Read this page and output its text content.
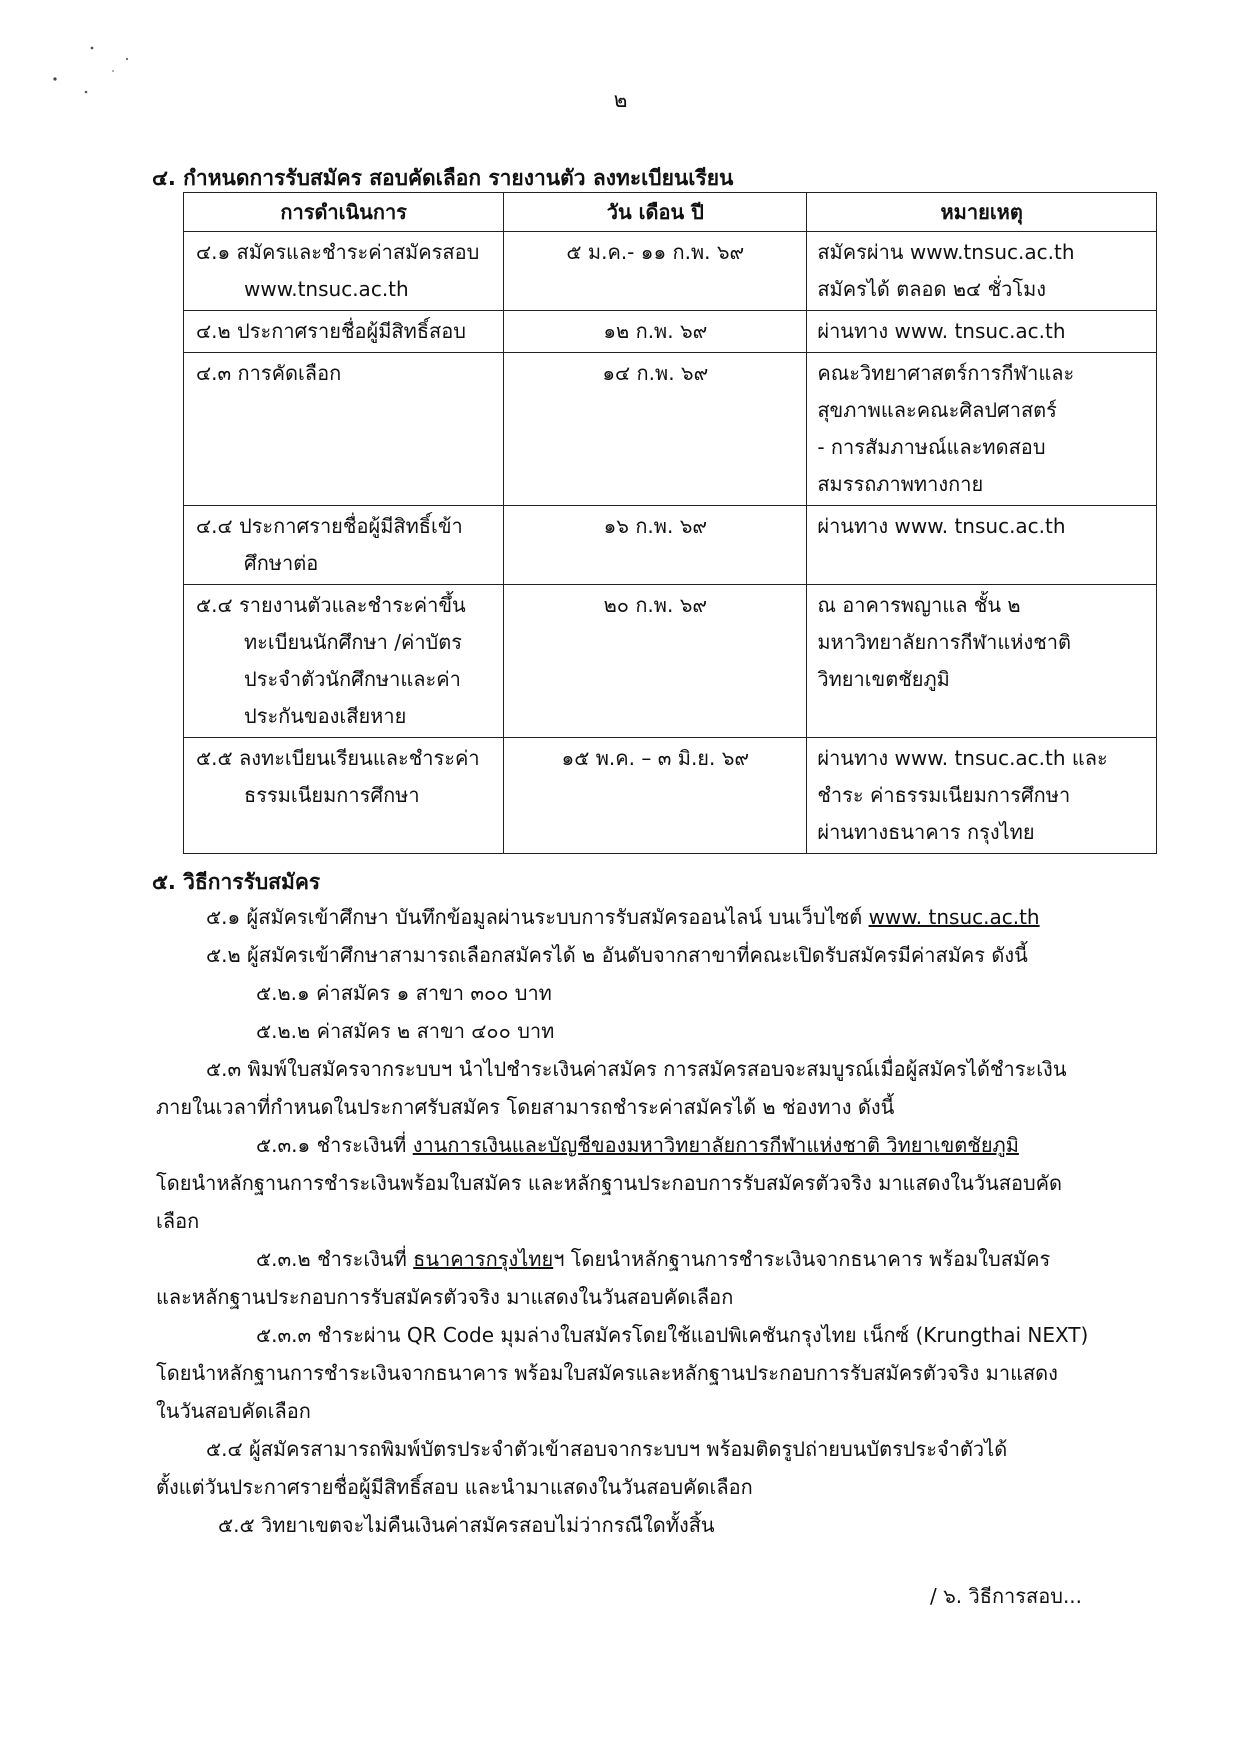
๒
๔. กำหนดการรับสมัคร สอบคัดเลือก รายงานตัว ลงทะเบียนเรียน
การดำเนินการ	วัน เดือน ปี	หมายเหตุ

๔.๑ สมัครและชำระค่าสมัครสอบ www.tnsuc.ac.th	๕ ม.ค.- ๑๑ ก.พ. ๖๙	สมัครผ่าน www.tnsuc.ac.th
สมัครได้ ตลอด ๒๔ ชั่วโมง

๔.๒ ประกาศรายชื่อผู้มีสิทธิ์สอบ	๑๒ ก.พ. ๖๙	ผ่านทาง www. tnsuc.ac.th

๔.๓ การคัดเลือก	๑๔ ก.พ. ๖๙	คณะวิทยาศาสตร์การกีฬาและ
สุขภาพและคณะศิลปศาสตร์
- การสัมภาษณ์และทดสอบ
สมรรถภาพทางกาย

๔.๔ ประกาศรายชื่อผู้มีสิทธิ์เข้าศึกษาต่อ	๑๖ ก.พ. ๖๙	ผ่านทาง www. tnsuc.ac.th

๕.๔ รายงานตัวและชำระค่าขึ้นทะเบียนนักศึกษา /ค่าบัตรประจำตัวนักศึกษาและค่าประกันของเสียหาย	๒๐ ก.พ. ๖๙	ณ อาคารพญาแล ชั้น ๒
มหาวิทยาลัยการกีฬาแห่งชาติ
วิทยาเขตชัยภูมิ

๕.๕ ลงทะเบียนเรียนและชำระค่าธรรมเนียมการศึกษา	๑๕ พ.ค. – ๓ มิ.ย. ๖๙	ผ่านทาง www. tnsuc.ac.th และ
ชำระ ค่าธรรมเนียมการศึกษา
ผ่านทางธนาคาร กรุงไทย
๕. วิธีการรับสมัคร

๕.๑ ผู้สมัครเข้าศึกษา บันทึกข้อมูลผ่านระบบการรับสมัครออนไลน์ บนเว็บไซต์ www. tnsuc.ac.th

๕.๒ ผู้สมัครเข้าศึกษาสามารถเลือกสมัครได้ ๒ อันดับจากสาขาที่คณะเปิดรับสมัครมีค่าสมัคร ดังนี้

๕.๒.๑ ค่าสมัคร ๑ สาขา ๓๐๐ บาท

๕.๒.๒ ค่าสมัคร ๒ สาขา ๔๐๐ บาท

๕.๓ พิมพ์ใบสมัครจากระบบฯ นำไปชำระเงินค่าสมัคร การสมัครสอบจะสมบูรณ์เมื่อผู้สมัครได้ชำระเงิน

ภายในเวลาที่กำหนดในประกาศรับสมัคร โดยสามารถชำระค่าสมัครได้ ๒ ช่องทาง ดังนี้

๕.๓.๑ ชำระเงินที่ งานการเงินและบัญชีของมหาวิทยาลัยการกีฬาแห่งชาติ วิทยาเขตชัยภูมิ

โดยนำหลักฐานการชำระเงินพร้อมใบสมัคร และหลักฐานประกอบการรับสมัครตัวจริง มาแสดงในวันสอบคัดเลือก

๕.๓.๒ ชำระเงินที่ ธนาคารกรุงไทยฯ โดยนำหลักฐานการชำระเงินจากธนาคาร พร้อมใบสมัคร

และหลักฐานประกอบการรับสมัครตัวจริง มาแสดงในวันสอบคัดเลือก

๕.๓.๓ ชำระผ่าน QR Code มุมล่างใบสมัครโดยใช้แอปพิเคชันกรุงไทย เน็กซ์ (Krungthai NEXT)

โดยนำหลักฐานการชำระเงินจากธนาคาร พร้อมใบสมัครและหลักฐานประกอบการรับสมัครตัวจริง มาแสดง

ในวันสอบคัดเลือก

๕.๔ ผู้สมัครสามารถพิมพ์บัตรประจำตัวเข้าสอบจากระบบฯ พร้อมติดรูปถ่ายบนบัตรประจำตัวได้

ตั้งแต่วันประกาศรายชื่อผู้มีสิทธิ์สอบ และนำมาแสดงในวันสอบคัดเลือก

๕.๕ วิทยาเขตจะไม่คืนเงินค่าสมัครสอบไม่ว่ากรณีใดทั้งสิ้น

/ ๖. วิธีการสอบ...
